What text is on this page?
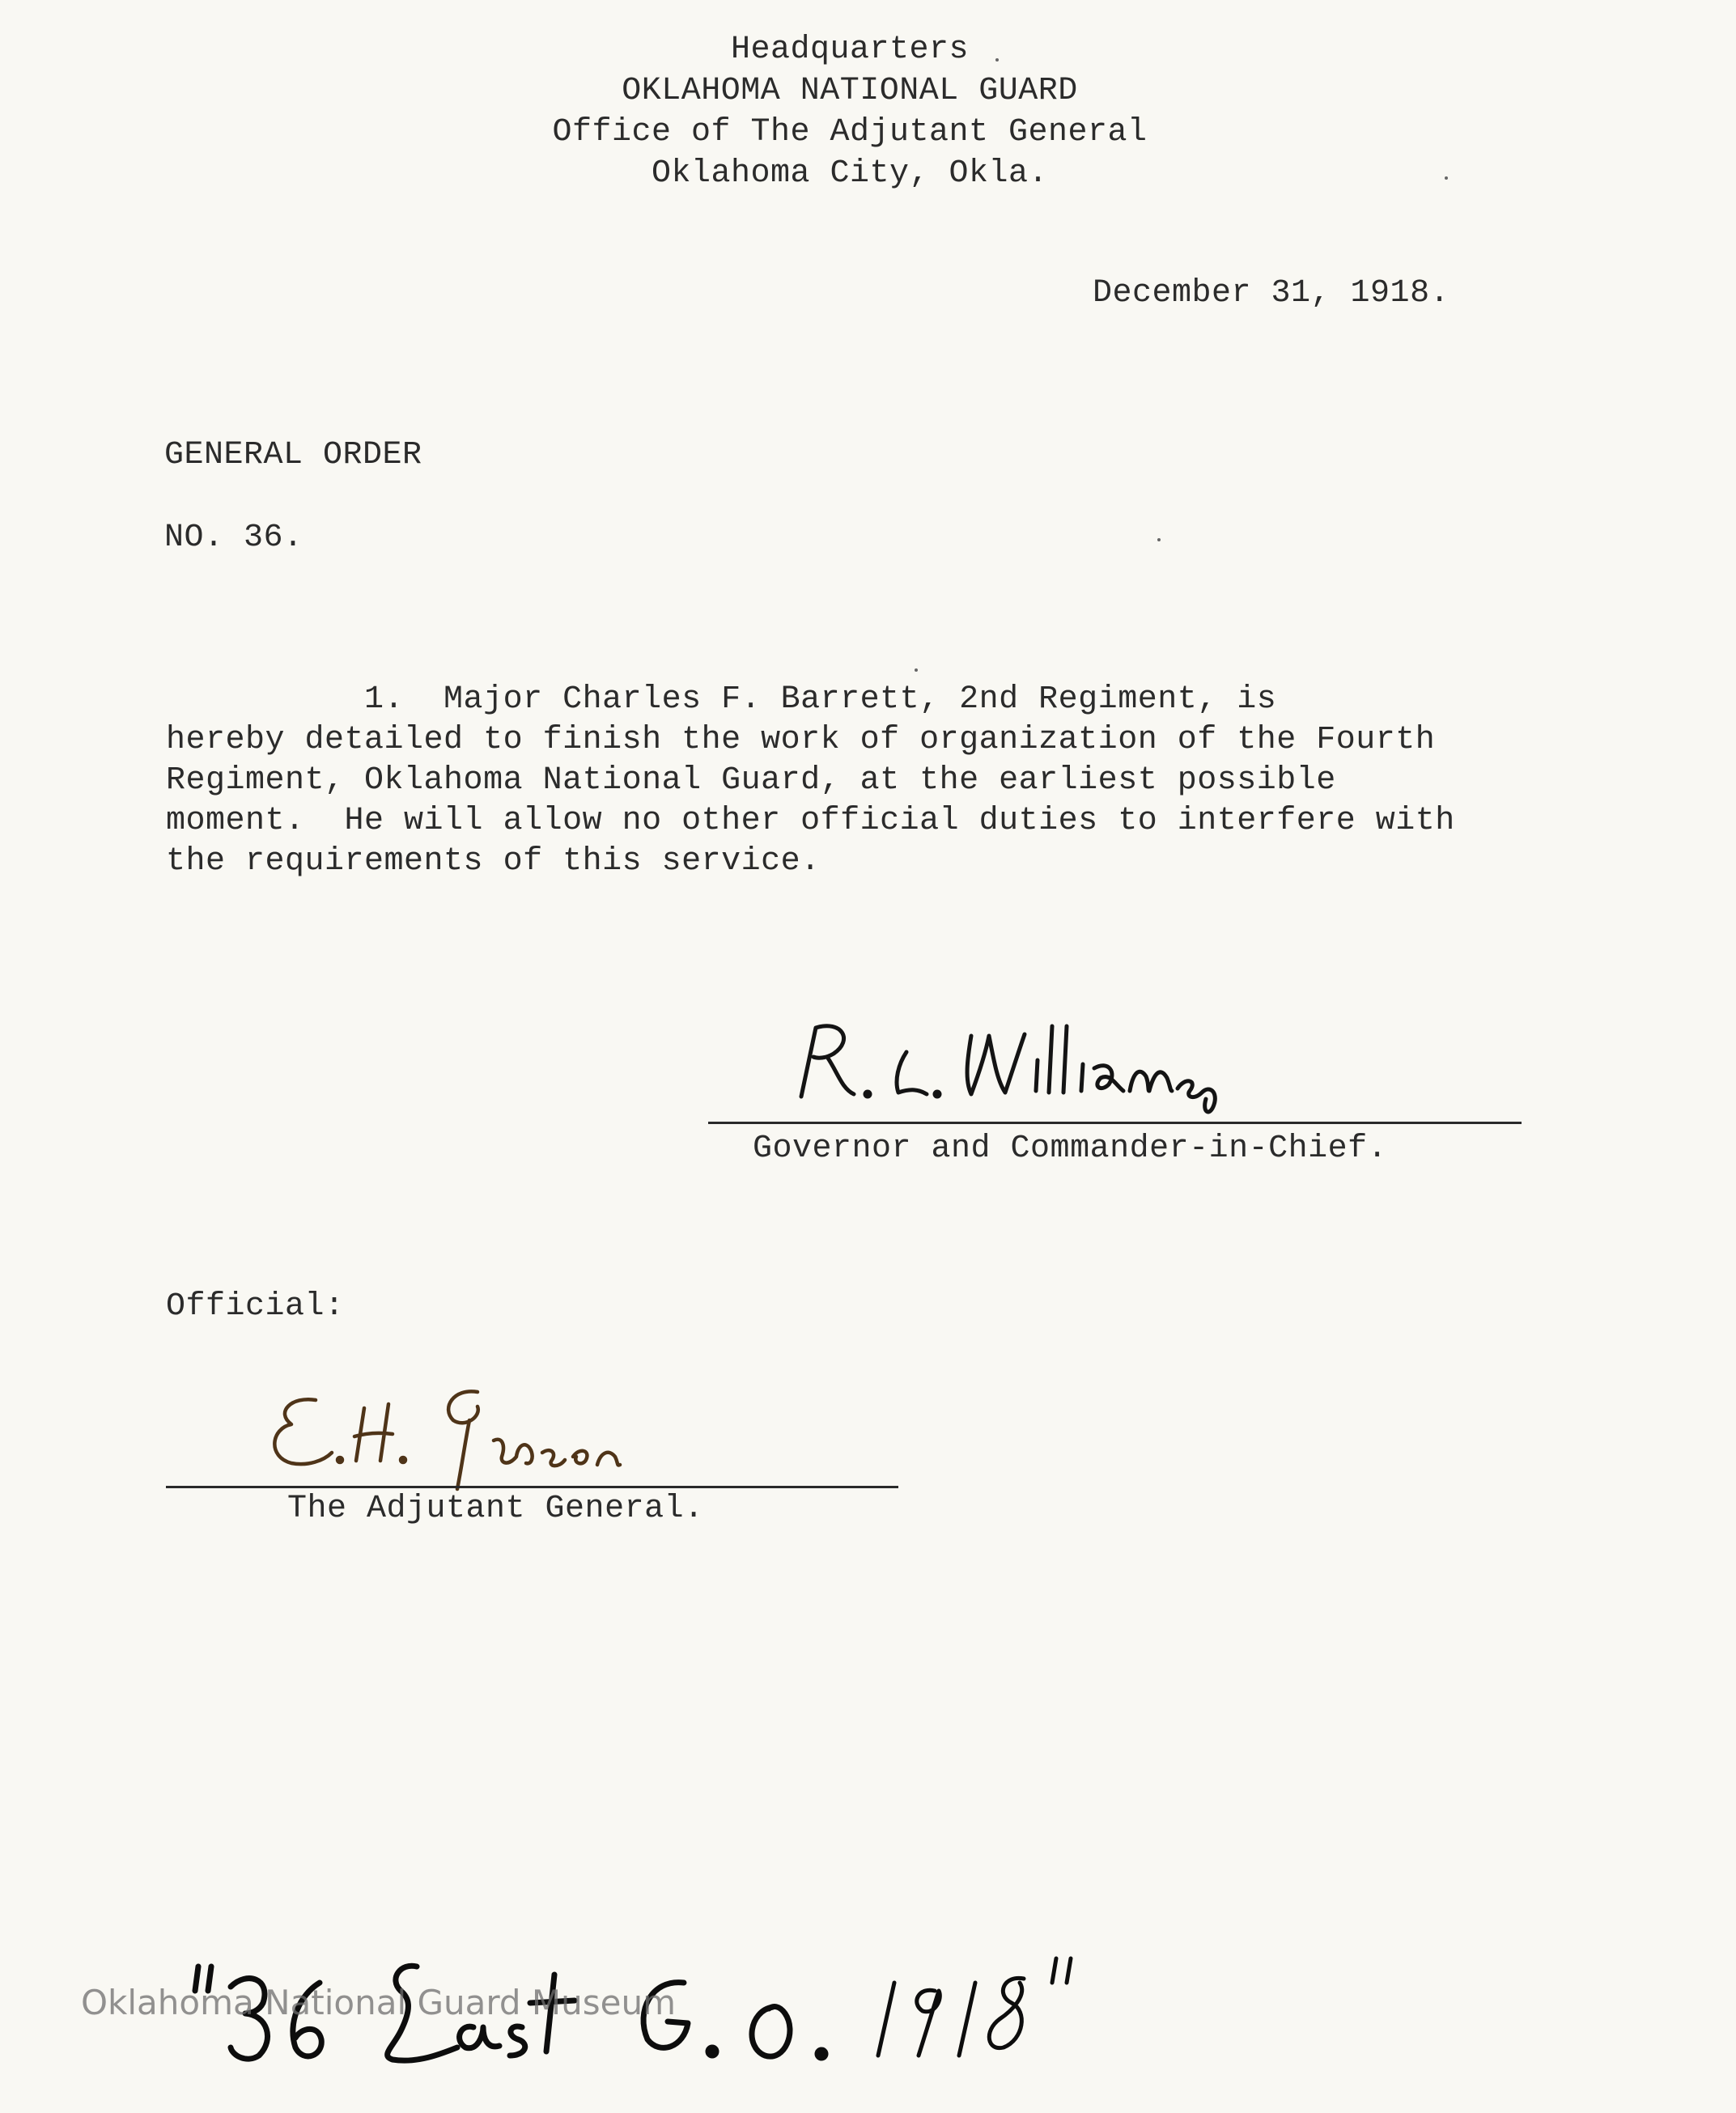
Headquarters
OKLAHOMA NATIONAL GUARD
Office of The Adjutant General
Oklahoma City, Okla.
December 31, 1918.
GENERAL ORDER
NO. 36.
1.  Major Charles F. Barrett, 2nd Regiment, is
hereby detailed to finish the work of organization of the Fourth
Regiment, Oklahoma National Guard, at the earliest possible
moment.  He will allow no other official duties to interfere with
the requirements of this service.
Governor and Commander-in-Chief.
Official:
The Adjutant General.
Oklahoma National Guard Museum
